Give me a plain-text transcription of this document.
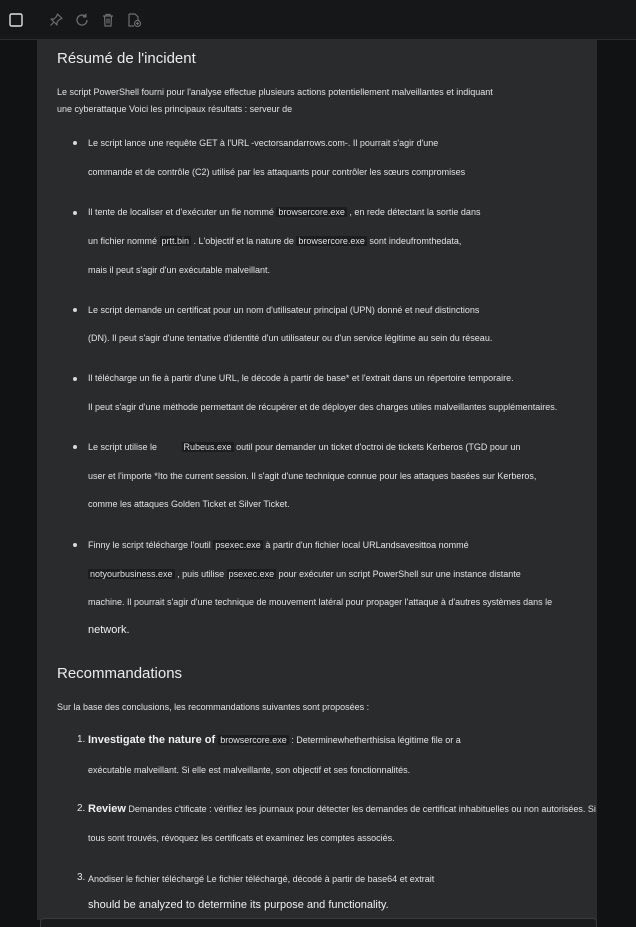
Résumé de l'incident
Le script PowerShell fourni pour l'analyse effectue plusieurs actions potentiellement malveillantes et indiquant
une cyberattaque Voici les principaux résultats : serveur de
Le script lance une requête GET à l'URL -vectorsandarrows.com-. Il pourrait s'agir d'une
commande et de contrôle (C2) utilisé par les attaquants pour contrôler les sœurs compromises
Il tente de localiser et d'exécuter un fie nommé browsercore.exe , en rede détectant la sortie dans
un fichier nommé prtt.bin . L'objectif et la nature de browsercore.exe sont indeufromthedata,
mais il peut s'agir d'un exécutable malveillant.
Le script demande un certificat pour un nom d'utilisateur principal (UPN) donné et neuf distinctions
(DN). Il peut s'agir d'une tentative d'identité d'un utilisateur ou d'un service légitime au sein du réseau.
Il télécharge un fie à partir d'une URL, le décode à partir de base* et l'extrait dans un répertoire temporaire.
Il peut s'agir d'une méthode permettant de récupérer et de déployer des charges utiles malveillantes supplémentaires.
Le script utilise le	Rubeus.exe outil pour demander un ticket d'octroi de tickets Kerberos (TGD pour un
user et l'importe *Ito the current session. Il s'agit d'une technique connue pour les attaques basées sur Kerberos,
comme les attaques Golden Ticket et Silver Ticket.
Finny le script télécharge l'outil psexec.exe à partir d'un fichier local URLandsavesittoa nommé
notyourbusiness.exe , puis utilise psexec.exe pour exécuter un script PowerShell sur une instance distante
machine. Il pourrait s'agir d'une technique de mouvement latéral pour propager l'attaque à d'autres systèmes dans le
network.
Recommandations
Sur la base des conclusions, les recommandations suivantes sont proposées :
1. Investigate the nature of browsercore.exe : Determinewhetherthisisa légitime file or a
exécutable malveillant. Si elle est malveillante, son objectif et ses fonctionnalités.
2. Review Demandes c'tificate : vérifiez les journaux pour détecter les demandes de certificat inhabituelles ou non autorisées. Si
tous sont trouvés, révoquez les certificats et examinez les comptes associés.
3. Anodiser le fichier téléchargé Le fichier téléchargé, décodé à partir de base64 et extrait
should be analyzed to determine its purpose and functionality.
